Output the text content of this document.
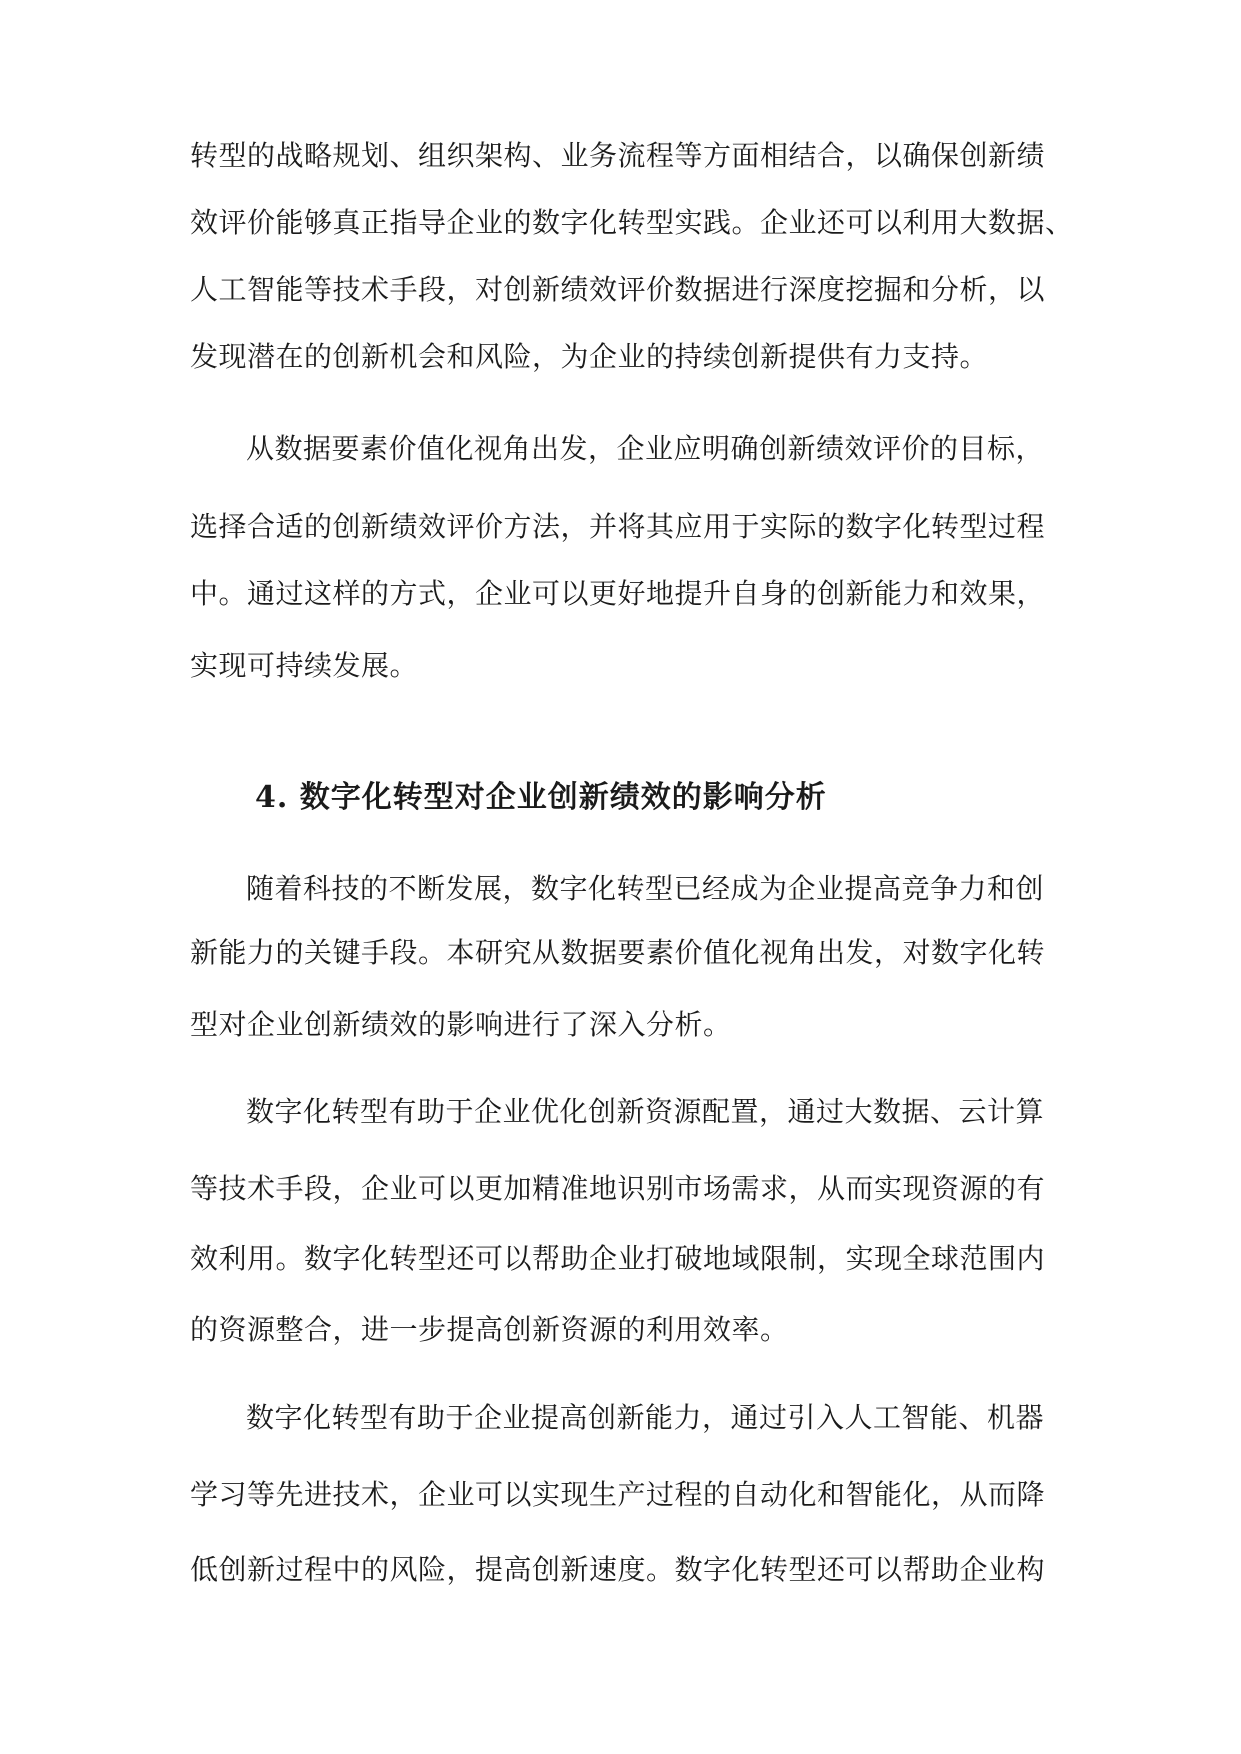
转型的战略规划、组织架构、业务流程等方面相结合，以确保创新绩
效评价能够真正指导企业的数字化转型实践。企业还可以利用大数据、
人工智能等技术手段，对创新绩效评价数据进行深度挖掘和分析，以
发现潜在的创新机会和风险，为企业的持续创新提供有力支持。
从数据要素价值化视角出发，企业应明确创新绩效评价的目标，
选择合适的创新绩效评价方法，并将其应用于实际的数字化转型过程
中。通过这样的方式，企业可以更好地提升自身的创新能力和效果，
实现可持续发展。
4. 数字化转型对企业创新绩效的影响分析
随着科技的不断发展，数字化转型已经成为企业提高竞争力和创
新能力的关键手段。本研究从数据要素价值化视角出发，对数字化转
型对企业创新绩效的影响进行了深入分析。
数字化转型有助于企业优化创新资源配置，通过大数据、云计算
等技术手段，企业可以更加精准地识别市场需求，从而实现资源的有
效利用。数字化转型还可以帮助企业打破地域限制，实现全球范围内
的资源整合，进一步提高创新资源的利用效率。
数字化转型有助于企业提高创新能力，通过引入人工智能、机器
学习等先进技术，企业可以实现生产过程的自动化和智能化，从而降
低创新过程中的风险，提高创新速度。数字化转型还可以帮助企业构
